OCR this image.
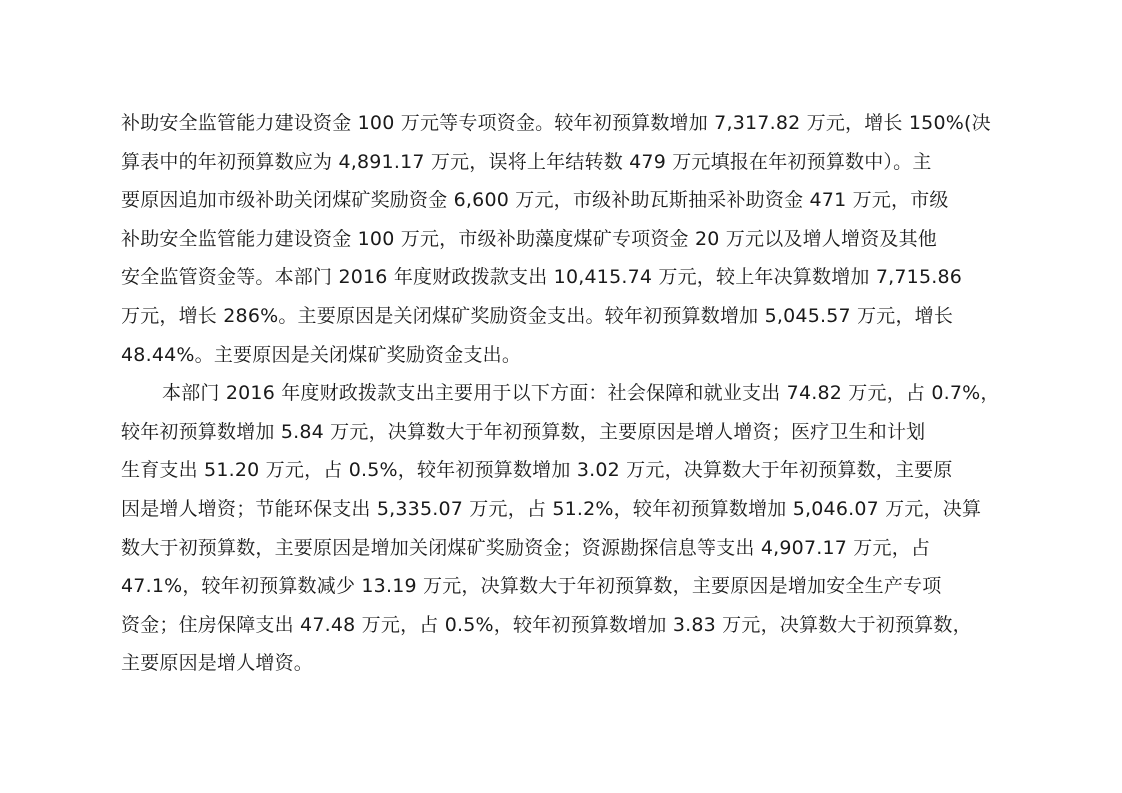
补助安全监管能力建设资金 100 万元等专项资金。较年初预算数增加 7,317.82 万元，增长 150%(决
算表中的年初预算数应为 4,891.17 万元，误将上年结转数 479 万元填报在年初预算数中）。主
要原因追加市级补助关闭煤矿奖励资金 6,600 万元，市级补助瓦斯抽采补助资金 471 万元，市级
补助安全监管能力建设资金 100 万元，市级补助藻度煤矿专项资金 20 万元以及增人增资及其他
安全监管资金等。本部门 2016 年度财政拨款支出 10,415.74 万元，较上年决算数增加 7,715.86
万元，增长 286%。主要原因是关闭煤矿奖励资金支出。较年初预算数增加 5,045.57 万元，增长
48.44%。主要原因是关闭煤矿奖励资金支出。
本部门 2016 年度财政拨款支出主要用于以下方面：社会保障和就业支出 74.82 万元，占 0.7%，
较年初预算数增加 5.84 万元，决算数大于年初预算数，主要原因是增人增资；医疗卫生和计划
生育支出 51.20 万元，占 0.5%，较年初预算数增加 3.02 万元，决算数大于年初预算数，主要原
因是增人增资；节能环保支出 5,335.07 万元，占 51.2%，较年初预算数增加 5,046.07 万元，决算
数大于初预算数，主要原因是增加关闭煤矿奖励资金；资源勘探信息等支出 4,907.17 万元，占
47.1%，较年初预算数减少 13.19 万元，决算数大于年初预算数，主要原因是增加安全生产专项
资金；住房保障支出 47.48 万元，占 0.5%，较年初预算数增加 3.83 万元，决算数大于初预算数，
主要原因是增人增资。
